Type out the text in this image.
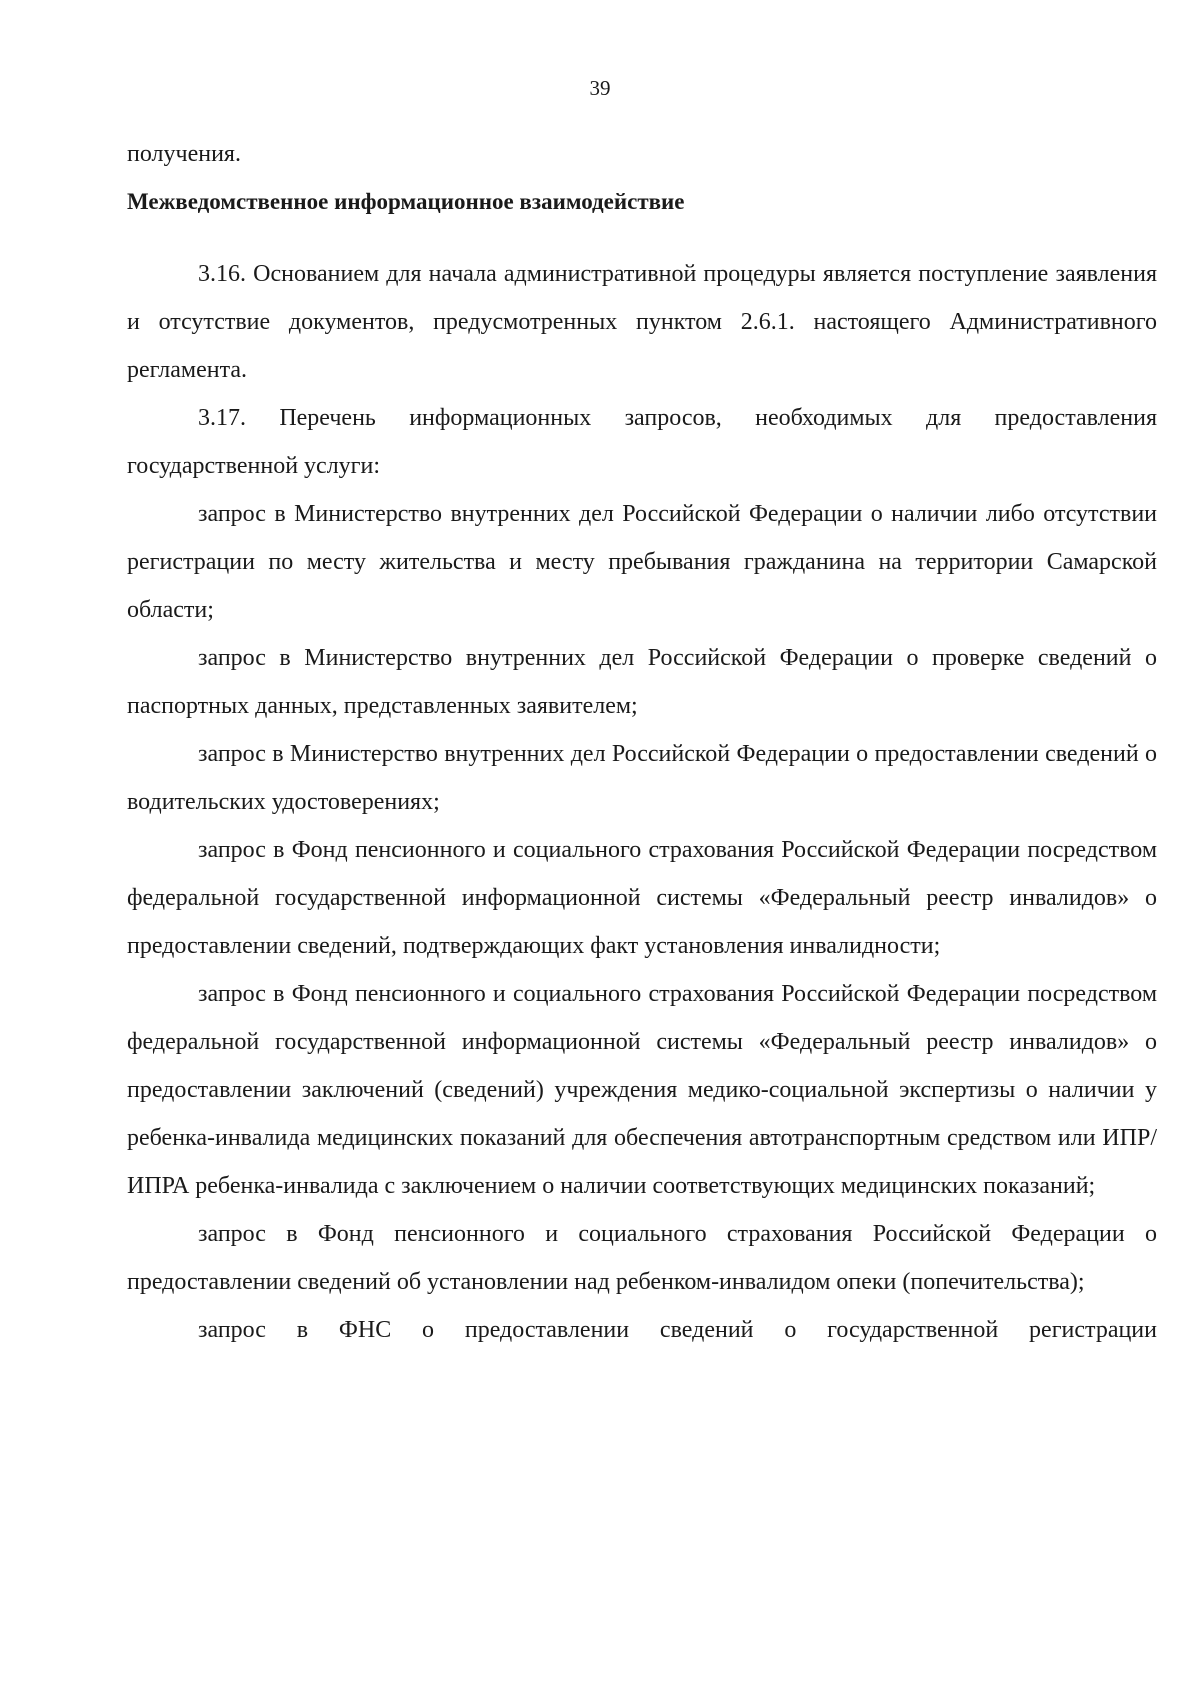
39

получения.

Межведомственное информационное взаимодействие

3.16. Основанием для начала административной процедуры является поступление заявления и отсутствие документов, предусмотренных пунктом 2.6.1. настоящего Административного регламента.

3.17. Перечень информационных запросов, необходимых для предоставления государственной услуги:

запрос в Министерство внутренних дел Российской Федерации о наличии либо отсутствии регистрации по месту жительства и месту пребывания гражданина на территории Самарской области;

запрос в Министерство внутренних дел Российской Федерации о проверке сведений о паспортных данных, представленных заявителем;

запрос в Министерство внутренних дел Российской Федерации о предоставлении сведений о водительских удостоверениях;

запрос в Фонд пенсионного и социального страхования Российской Федерации посредством федеральной государственной информационной системы «Федеральный реестр инвалидов» о предоставлении сведений, подтверждающих факт установления инвалидности;

запрос в Фонд пенсионного и социального страхования Российской Федерации посредством федеральной государственной информационной системы «Федеральный реестр инвалидов» о предоставлении заключений (сведений) учреждения медико-социальной экспертизы о наличии у ребенка-инвалида медицинских показаний для обеспечения автотранспортным средством или ИПР/ИПРА ребенка-инвалида с заключением о наличии соответствующих медицинских показаний;

запрос в Фонд пенсионного и социального страхования Российской Федерации о предоставлении сведений об установлении над ребенком-инвалидом опеки (попечительства);

запрос в ФНС о предоставлении сведений о государственной регистрации
